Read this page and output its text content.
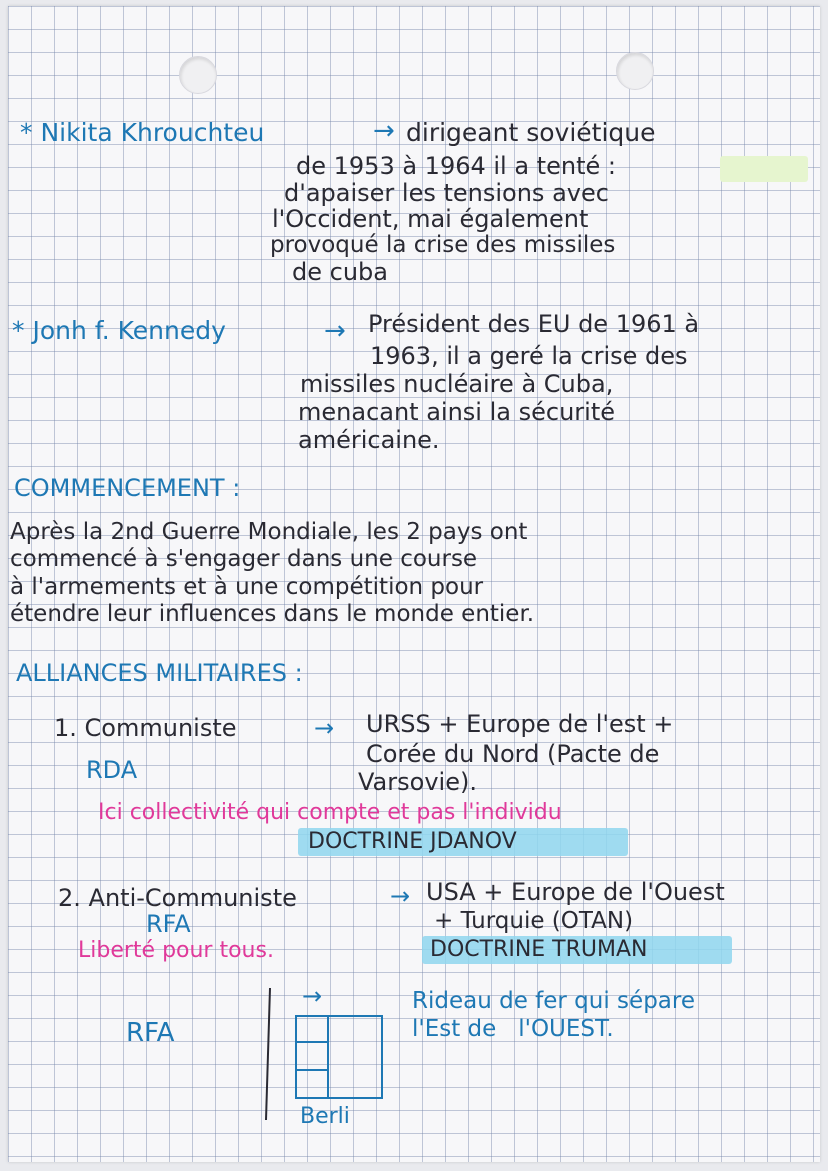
* Nikita Khrouchteu	→ dirigeant soviétique
de 1953 à 1964 il a tenté :
d'apaiser les tensions avec
l'Occident, mai également
provoqué la crise des missiles
de cuba
* Jonh f. Kennedy	→ Président des EU de 1961 à
1963, il a geré la crise des
missiles nucléaire à Cuba,
menacant ainsi la sécurité
américaine.
COMMENCEMENT :
Après la 2nd Guerre Mondiale, les 2 pays ont
commencé à s'engager dans une course
à l'armements et à une compétition pour
étendre leur influences dans le monde entier.
ALLIANCES MILITAIRES :
1. Communiste	→ URSS + Europe de l'est +
Corée du Nord (Pacte de
Varsovie).
RDA
Ici collectivité qui compte et pas l'individu
DOCTRINE JDANOV
2. Anti-Communiste	→ USA + Europe de l'Ouest
+ Turquie (OTAN)
RFA
Liberté pour tous.	DOCTRINE TRUMAN
RFA
→
Berli
Rideau de fer qui sépare
l'Est de   l'OUEST.
